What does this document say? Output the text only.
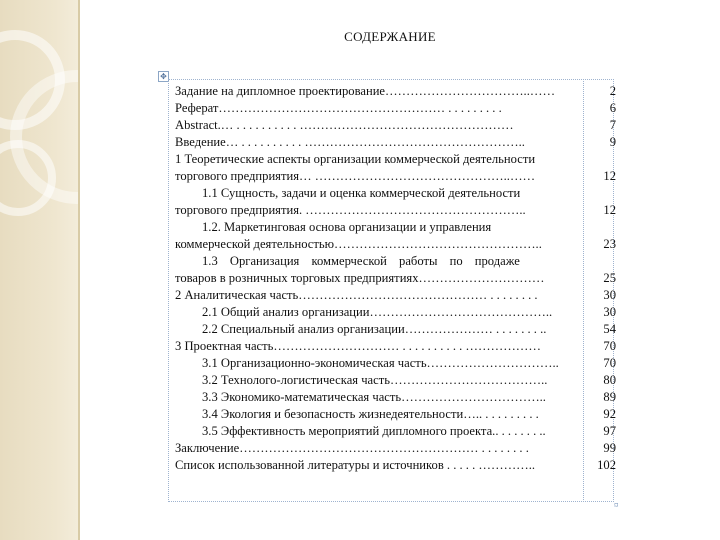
СОДЕРЖАНИЕ
✥
Задание на дипломное проектирование……………………………..……	2
Реферат……………………………………………… . . . . . . . . .	6
Abstract.… . . . . . . . . . . ……………………………………………	7
Введение… . . . . . . . . . . ……………………………………………..	9
1 Теоретические аспекты организации коммерческой деятельности
торгового предприятия… ………………………………………..……	12
1.1 Сущность, задачи и оценка коммерческой деятельности
торгового предприятия. ……………………………………………..	12
1.2. Маркетинговая основа организации и управления
коммерческой деятельностью…………………………………………..	23
1.3 Организация коммерческой работы по продаже
товаров в розничных торговых предприятиях…………………………	25
2 Аналитическая часть……………………………………… . . . . . . . .	30
2.1 Общий анализ организации……………………………………..	30
2.2 Специальный анализ организации………………… . . . . . . . ..	54
3 Проектная часть………………………… . . . . . . . . . . ………………	70
3.1 Организационно-экономическая часть…………………………..	70
3.2 Технолого-логистическая часть………………………………..	80
3.3 Экономико-математическая часть……………………………..	89
3.4 Экология и безопасность жизнедеятельности….. . . . . . . . . .	92
3.5 Эффективность мероприятий дипломного проекта.. . . . . . . ..	97
Заключение………………………………………………… . . . . . . . .	99
Список использованной литературы и источников . . . . . …………..	102
¤
